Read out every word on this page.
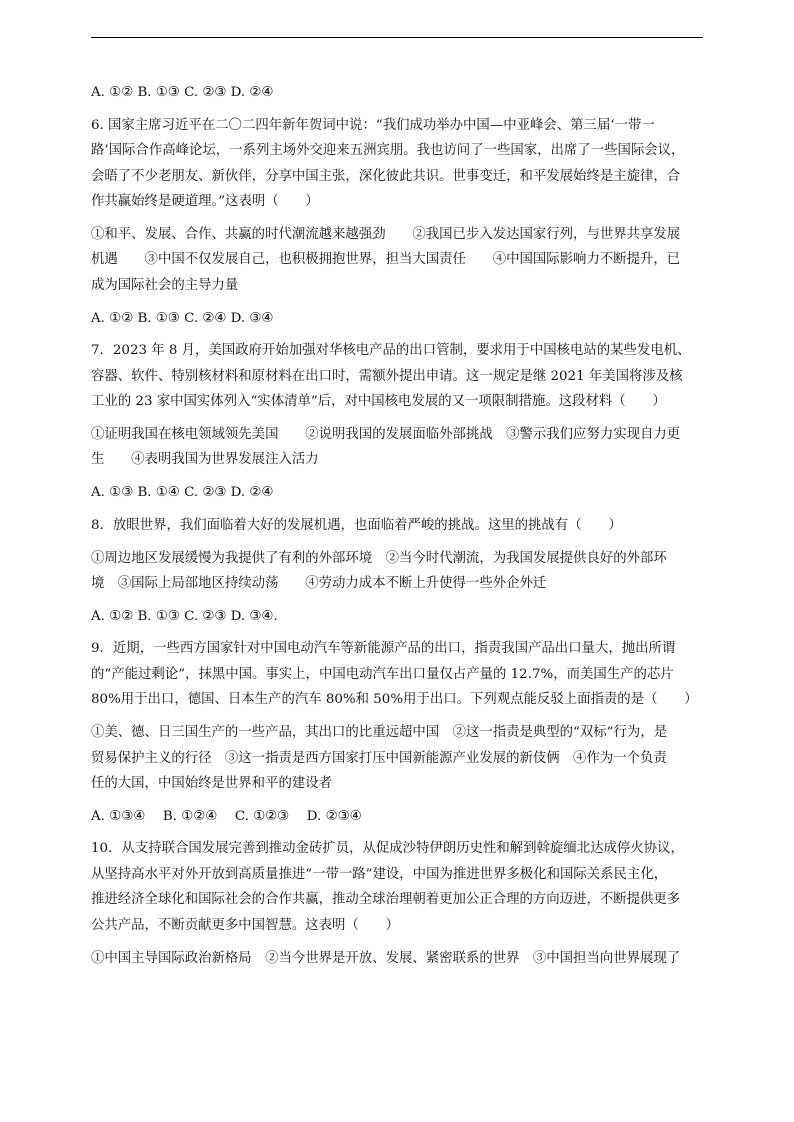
A. ①② B. ①③ C. ②③ D. ②④
6. 国家主席习近平在二〇二四年新年贺词中说：“我们成功举办中国—中亚峰会、第三届‘一带一
路’国际合作高峰论坛，一系列主场外交迎来五洲宾朋。我也访问了一些国家，出席了一些国际会议，
会晤了不少老朋友、新伙伴，分享中国主张，深化彼此共识。世事变迁，和平发展始终是主旋律，合
作共赢始终是硬道理。”这表明（　　）
①和平、发展、合作、共赢的时代潮流越来越强劲　　②我国已步入发达国家行列，与世界共享发展
机遇　　③中国不仅发展自己，也积极拥抱世界，担当大国责任　　④中国国际影响力不断提升，已
成为国际社会的主导力量
A. ①② B. ①③ C. ②④ D. ③④
7．2023 年 8 月，美国政府开始加强对华核电产品的出口管制，要求用于中国核电站的某些发电机、
容器、软件、特别核材料和原材料在出口时，需额外提出申请。这一规定是继 2021 年美国将涉及核
工业的 23 家中国实体列入“实体清单”后，对中国核电发展的又一项限制措施。这段材料（　　）
①证明我国在核电领域领先美国　　②说明我国的发展面临外部挑战　③警示我们应努力实现自力更
生　　④表明我国为世界发展注入活力
A. ①③ B. ①④ C. ②③ D. ②④
8．放眼世界，我们面临着大好的发展机遇，也面临着严峻的挑战。这里的挑战有（　　）
①周边地区发展缓慢为我提供了有利的外部环境　②当今时代潮流，为我国发展提供良好的外部环
境　③国际上局部地区持续动荡　　④劳动力成本不断上升使得一些外企外迁
A. ①② B. ①③ C. ②③ D. ③④.
9．近期，一些西方国家针对中国电动汽车等新能源产品的出口，指责我国产品出口量大，抛出所谓
的“产能过剩论”，抹黑中国。事实上，中国电动汽车出口量仅占产量的 12.7%，而美国生产的芯片
80%用于出口，德国、日本生产的汽车 80%和 50%用于出口。下列观点能反驳上面指责的是（　　）
①美、德、日三国生产的一些产品，其出口的比重远超中国　②这一指责是典型的“双标”行为，是
贸易保护主义的行径　③这一指责是西方国家打压中国新能源产业发展的新伎俩　④作为一个负责
任的大国，中国始终是世界和平的建设者
A. ①③④　 B. ①②④　 C. ①②③　 D. ②③④
10．从支持联合国发展完善到推动金砖扩员，从促成沙特伊朗历史性和解到斡旋缅北达成停火协议，
从坚持高水平对外开放到高质量推进“一带一路”建设，中国为推进世界多极化和国际关系民主化，
推进经济全球化和国际社会的合作共赢，推动全球治理朝着更加公正合理的方向迈进，不断提供更多
公共产品，不断贡献更多中国智慧。这表明（　　）
①中国主导国际政治新格局　②当今世界是开放、发展、紧密联系的世界　③中国担当向世界展现了
